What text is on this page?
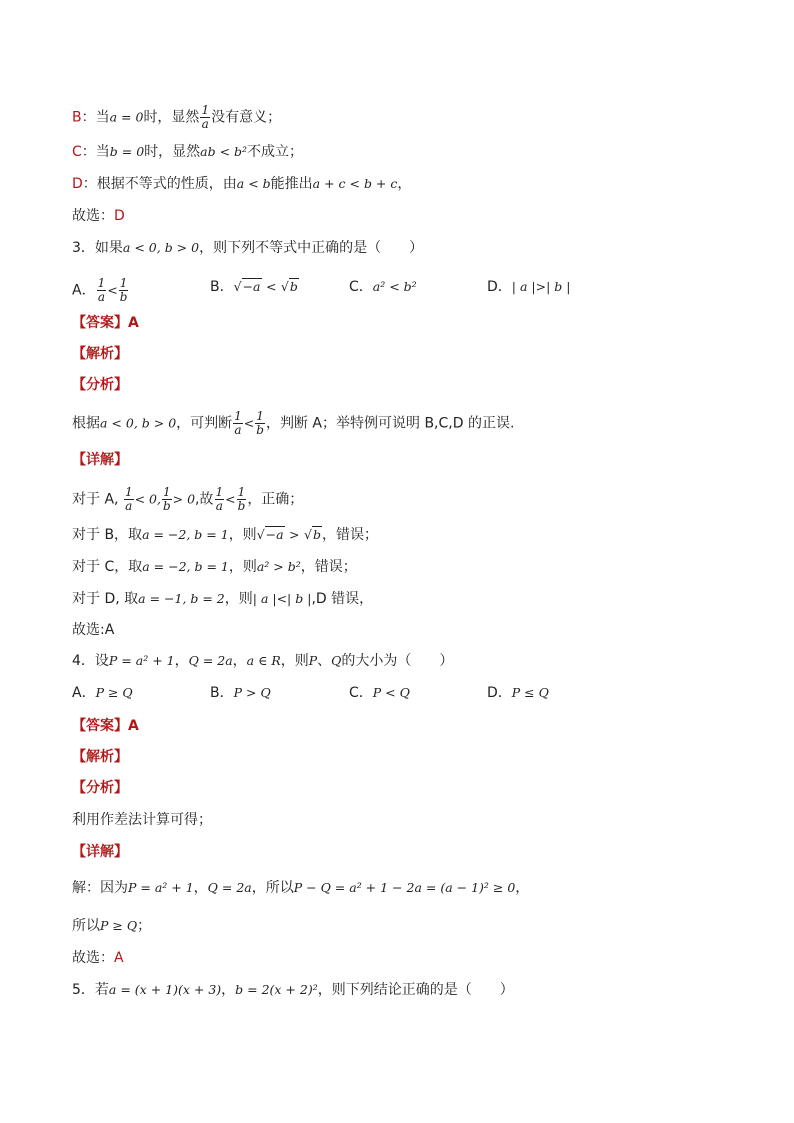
B：当a = 0时，显然 $\frac{1}{a}$ 没有意义；
C：当b = 0时，显然ab < b²不成立；
D：根据不等式的性质，由a < b能推出a + c < b + c，
故选：D
3．如果a < 0, b > 0，则下列不等式中正确的是（　　）
A． $\frac{1}{a} < \frac{1}{b}$	B．√−a < √b	C．a² < b²	D．| a |>| b |
【答案】A
【解析】
【分析】
根据a < 0, b > 0，可判断 $\frac{1}{a} < \frac{1}{b}$ ，判断 A；举特例可说明 B,C,D 的正误.
【详解】
对于 A, $\frac{1}{a} < 0$, $\frac{1}{b} > 0$,故 $\frac{1}{a} < \frac{1}{b}$ ，正确；
对于 B，取a = −2, b = 1，则√−a > √b，错误；
对于 C，取a = −2, b = 1，则a² > b²，错误；
对于 D, 取a = −1, b = 2，则| a |<| b |,D 错误，
故选:A
4．设P = a² + 1，Q = 2a，a ∈ R，则P、Q的大小为（　　）
A．P ≥ Q	B．P > Q	C．P < Q	D．P ≤ Q
【答案】A
【解析】
【分析】
利用作差法计算可得；
【详解】
解：因为P = a² + 1，Q = 2a，所以P − Q = a² + 1 − 2a = (a − 1)² ≥ 0，
所以P ≥ Q；
故选：A
5．若a = (x + 1)(x + 3)，b = 2(x + 2)²，则下列结论正确的是（　　）
